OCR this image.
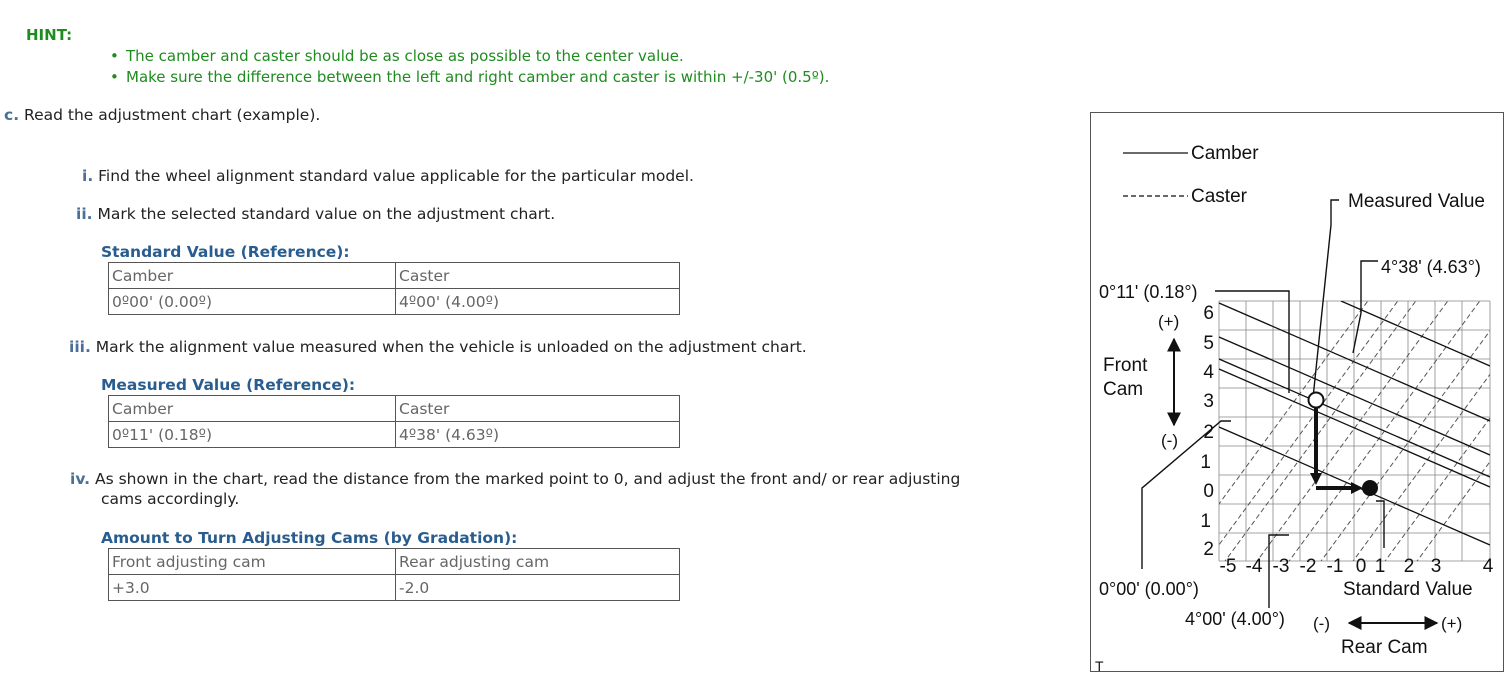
HINT:
• The camber and caster should be as close as possible to the center value.
• Make sure the difference between the left and right camber and caster is within +/-30' (0.5º).
c. Read the adjustment chart (example).
i. Find the wheel alignment standard value applicable for the particular model.
ii. Mark the selected standard value on the adjustment chart.
Standard Value (Reference):
Camber	Caster
0º00' (0.00º)	4º00' (4.00º)
iii. Mark the alignment value measured when the vehicle is unloaded on the adjustment chart.
Measured Value (Reference):
Camber	Caster
0º11' (0.18º)	4º38' (4.63º)
iv. As shown in the chart, read the distance from the marked point to 0, and adjust the front and/ or rear adjusting
cams accordingly.
Amount to Turn Adjusting Cams (by Gradation):
Front adjusting cam	Rear adjusting cam
+3.0	-2.0
Camber
Caster	Measured Value
4°38' (4.63°)
0°11' (0.18°)
(+)
Front
Cam
(-)
6
5
4
3
2
1
0
1
2
-5 -4 -3 -2 -1 0 1 2 3 4
0°00' (0.00°)	Standard Value
4°00' (4.00°) (-)	(+)
Rear Cam
T
